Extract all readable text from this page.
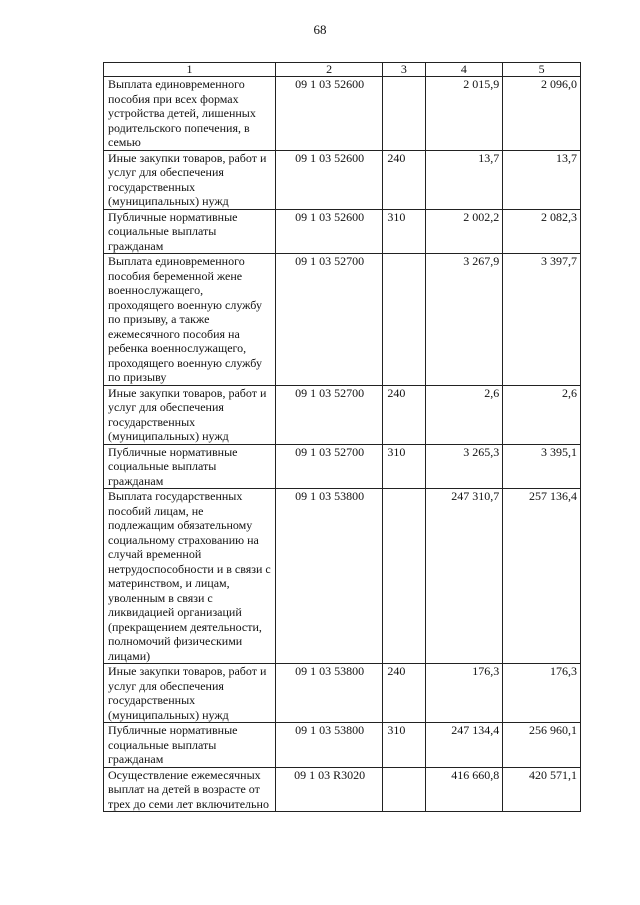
68
1	2	3	4	5
Выплата единовременного пособия при всех формах устройства детей, лишенных родительского попечения, в семью	09 1 03 52600		2 015,9	2 096,0
Иные закупки товаров, работ и услуг для обеспечения государственных (муниципальных) нужд	09 1 03 52600	240	13,7	13,7
Публичные нормативные социальные выплаты гражданам	09 1 03 52600	310	2 002,2	2 082,3
Выплата единовременного пособия беременной жене военнослужащего, проходящего военную службу по призыву, а также ежемесячного пособия на ребенка военнослужащего, проходящего военную службу по призыву	09 1 03 52700		3 267,9	3 397,7
Иные закупки товаров, работ и услуг для обеспечения государственных (муниципальных) нужд	09 1 03 52700	240	2,6	2,6
Публичные нормативные социальные выплаты гражданам	09 1 03 52700	310	3 265,3	3 395,1
Выплата государственных пособий лицам, не подлежащим обязательному социальному страхованию на случай временной нетрудоспособности и в связи с материнством, и лицам, уволенным в связи с ликвидацией организаций (прекращением деятельности, полномочий физическими лицами)	09 1 03 53800		247 310,7	257 136,4
Иные закупки товаров, работ и услуг для обеспечения государственных (муниципальных) нужд	09 1 03 53800	240	176,3	176,3
Публичные нормативные социальные выплаты гражданам	09 1 03 53800	310	247 134,4	256 960,1
Осуществление ежемесячных выплат на детей в возрасте от трех до семи лет включительно	09 1 03 R3020		416 660,8	420 571,1
